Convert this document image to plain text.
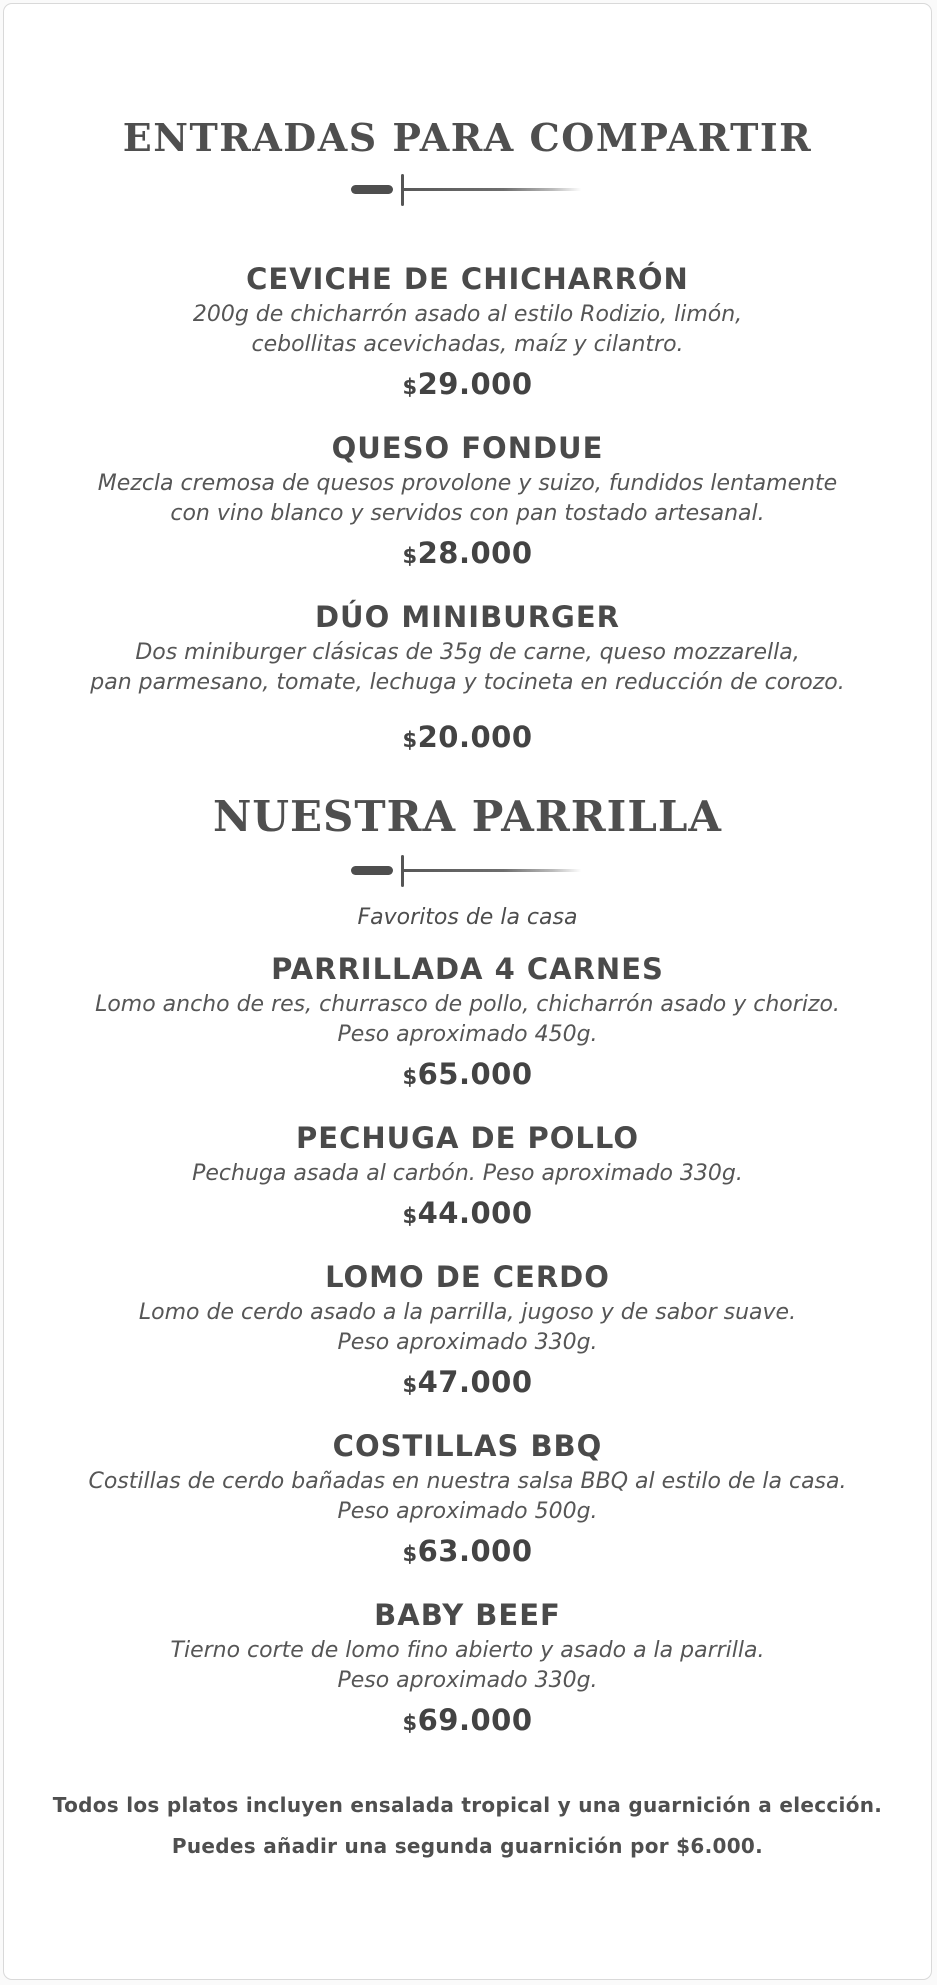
ENTRADAS PARA COMPARTIR
CEVICHE DE CHICHARRÓN
200g de chicharrón asado al estilo Rodizio, limón,
cebollitas acevichadas, maíz y cilantro.
$29.000
QUESO FONDUE
Mezcla cremosa de quesos provolone y suizo, fundidos lentamente
con vino blanco y servidos con pan tostado artesanal.
$28.000
DÚO MINIBURGER
Dos miniburger clásicas de 35g de carne, queso mozzarella,
pan parmesano, tomate, lechuga y tocineta en reducción de corozo.
$20.000
NUESTRA PARRILLA
Favoritos de la casa
PARRILLADA 4 CARNES
Lomo ancho de res, churrasco de pollo, chicharrón asado y chorizo.
Peso aproximado 450g.
$65.000
PECHUGA DE POLLO
Pechuga asada al carbón. Peso aproximado 330g.
$44.000
LOMO DE CERDO
Lomo de cerdo asado a la parrilla, jugoso y de sabor suave.
Peso aproximado 330g.
$47.000
COSTILLAS BBQ
Costillas de cerdo bañadas en nuestra salsa BBQ al estilo de la casa.
Peso aproximado 500g.
$63.000
BABY BEEF
Tierno corte de lomo fino abierto y asado a la parrilla.
Peso aproximado 330g.
$69.000
Todos los platos incluyen ensalada tropical y una guarnición a elección.
Puedes añadir una segunda guarnición por $6.000.
